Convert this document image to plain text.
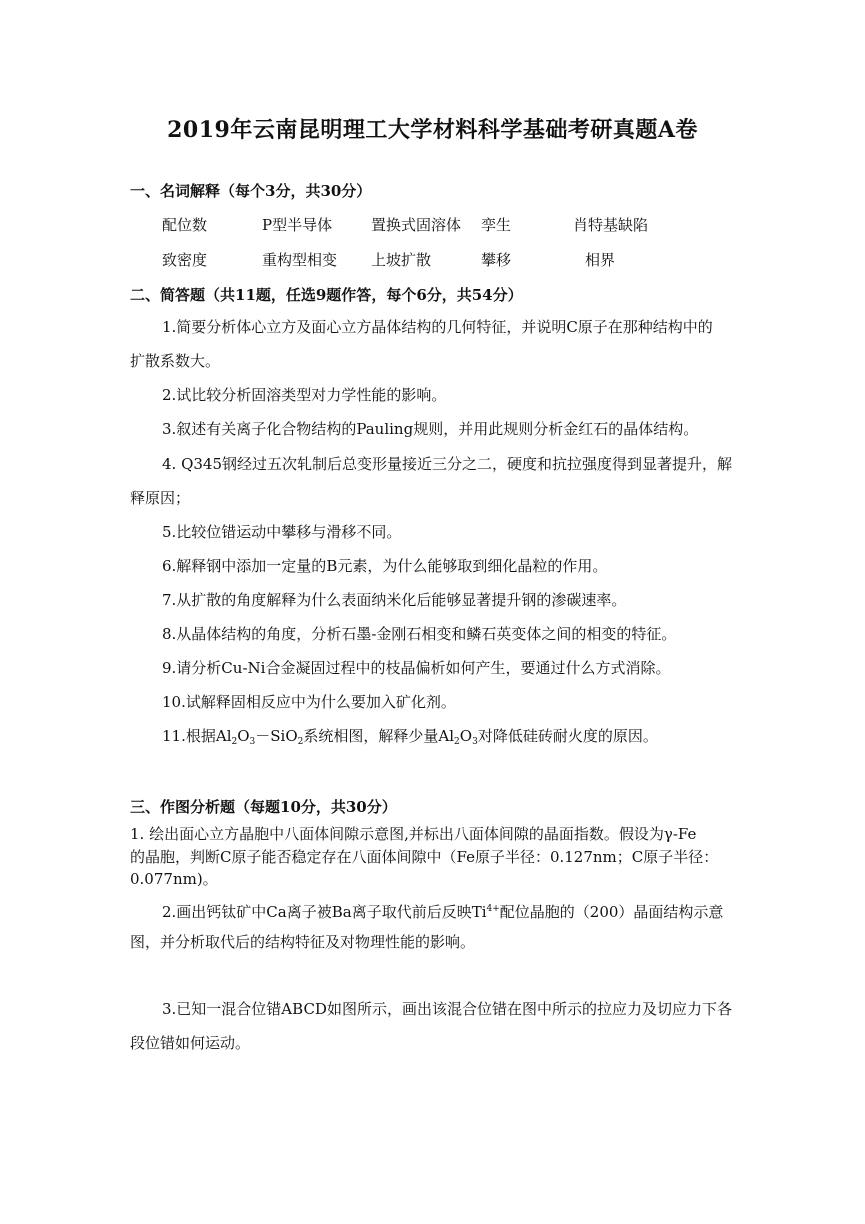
2019年云南昆明理工大学材料科学基础考研真题A卷
一、名词解释（每个3分，共30分）
配位数	P型半导体	置换式固溶体 孪生	肖特基缺陷
致密度	重构型相变 上坡扩散	攀移	相界
二、简答题（共11题，任选9题作答，每个6分，共54分）
1.简要分析体心立方及面心立方晶体结构的几何特征，并说明C原子在那种结构中的
扩散系数大。
2.试比较分析固溶类型对力学性能的影响。
3.叙述有关离子化合物结构的Pauling规则，并用此规则分析金红石的晶体结构。
4. Q345钢经过五次轧制后总变形量接近三分之二，硬度和抗拉强度得到显著提升，解
释原因；
5.比较位错运动中攀移与滑移不同。
6.解释钢中添加一定量的B元素，为什么能够取到细化晶粒的作用。
7.从扩散的角度解释为什么表面纳米化后能够显著提升钢的渗碳速率。
8.从晶体结构的角度，分析石墨-金刚石相变和鳞石英变体之间的相变的特征。
9.请分析Cu-Ni合金凝固过程中的枝晶偏析如何产生，要通过什么方式消除。
10.试解释固相反应中为什么要加入矿化剂。
11.根据$Al_2O_3-SiO_2$系统相图，解释少量$Al_2O_3$对降低硅砖耐火度的原因。
三、作图分析题（每题10分，共30分）
1. 绘出面心立方晶胞中八面体间隙示意图,并标出八面体间隙的晶面指数。假设为γ-Fe
的晶胞，判断C原子能否稳定存在八面体间隙中（Fe原子半径：0.127nm；C原子半径：
0.077nm)。
2.画出钙钛矿中Ca离子被Ba离子取代前后反映$Ti^{4+}$配位晶胞的（200）晶面结构示意
图，并分析取代后的结构特征及对物理性能的影响。
3.已知一混合位错ABCD如图所示，画出该混合位错在图中所示的拉应力及切应力下各
段位错如何运动。
